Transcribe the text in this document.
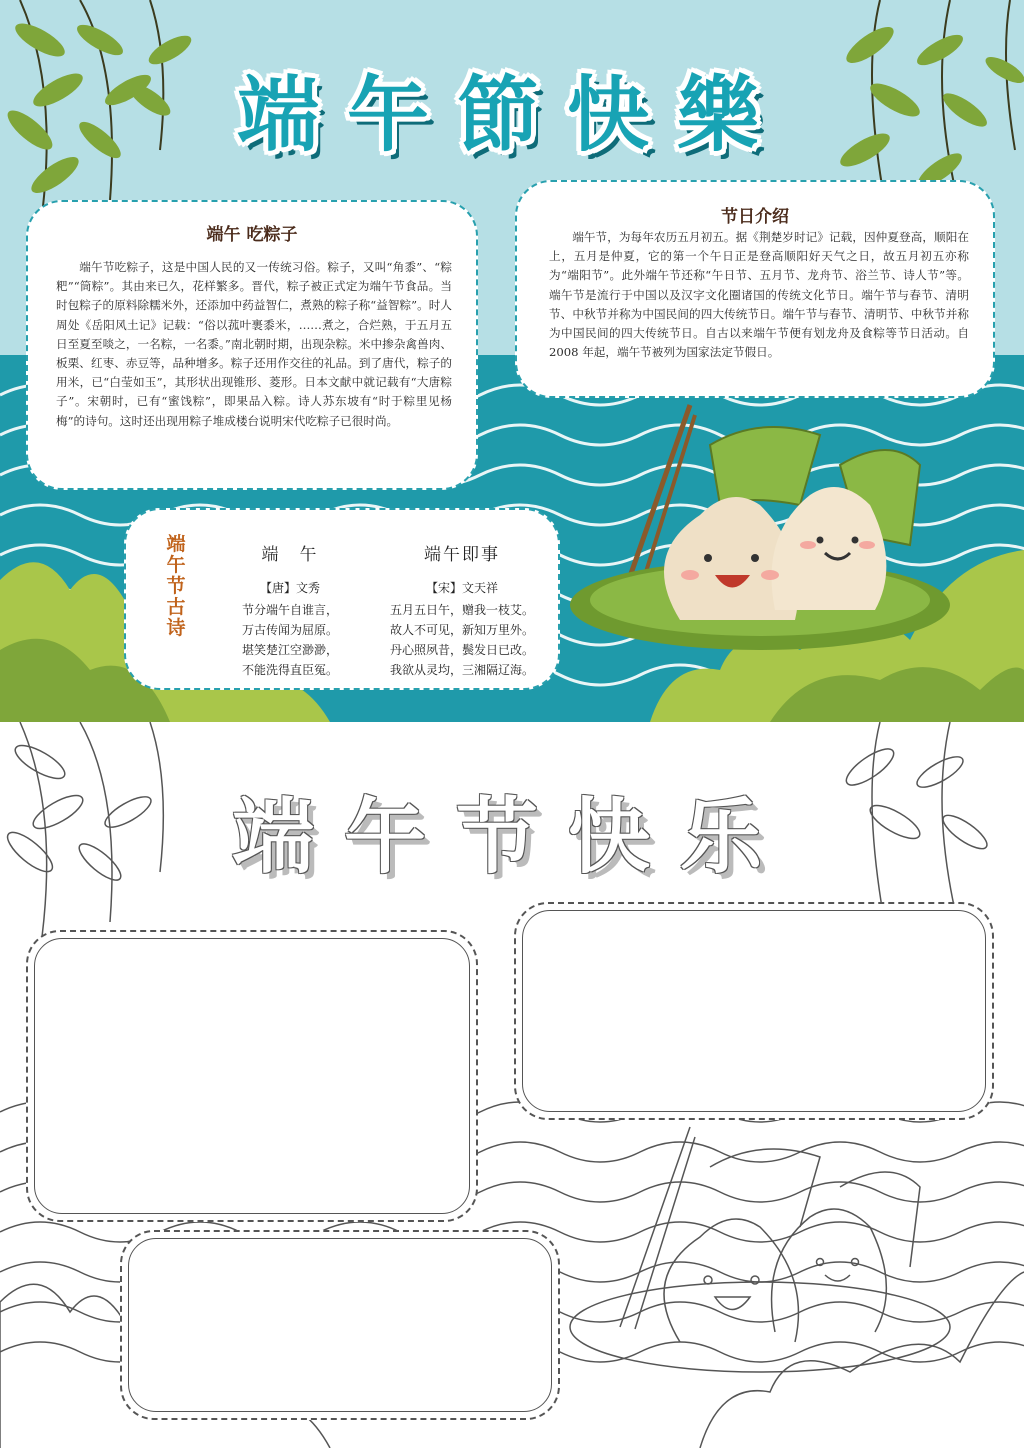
端午節快樂
端午 吃粽子
端午节吃粽子，这是中国人民的又一传统习俗。粽子，又叫“角黍”、“粽粑”“筒粽”。其由来已久，花样繁多。晋代，粽子被正式定为端午节食品。当时包粽子的原料除糯米外，还添加中药益智仁，煮熟的粽子称“益智粽”。时人周处《岳阳风土记》记载：“俗以菰叶裹黍米，……煮之，合烂熟，于五月五日至夏至啖之，一名粽，一名黍。”南北朝时期，出现杂粽。米中掺杂禽兽肉、板栗、红枣、赤豆等，品种增多。粽子还用作交往的礼品。到了唐代，粽子的用米，已“白莹如玉”，其形状出现锥形、菱形。日本文献中就记载有“大唐粽子”。宋朝时，已有“蜜饯粽”，即果品入粽。诗人苏东坡有“时于粽里见杨梅”的诗句。这时还出现用粽子堆成楼台说明宋代吃粽子已很时尚。
节日介绍
端午节，为每年农历五月初五。据《荆楚岁时记》记载，因仲夏登高，顺阳在上，五月是仲夏，它的第一个午日正是登高顺阳好天气之日，故五月初五亦称为“端阳节”。此外端午节还称“午日节、五月节、龙舟节、浴兰节、诗人节”等。 端午节是流行于中国以及汉字文化圈诸国的传统文化节日。端午节与春节、清明节、中秋节并称为中国民间的四大传统节日。端午节与春节、清明节、中秋节并称为中国民间的四大传统节日。自古以来端午节便有划龙舟及食粽等节日活动。自2008 年起，端午节被列为国家法定节假日。
端午节古诗
端　午
【唐】文秀
节分端午自谁言，
万古传闻为屈原。
堪笑楚江空渺渺，
不能洗得直臣冤。
端午即事
【宋】文天祥
五月五日午，赠我一枝艾。
故人不可见，新知万里外。
丹心照夙昔，鬓发日已改。
我欲从灵均，三湘隔辽海。
端午节快乐
